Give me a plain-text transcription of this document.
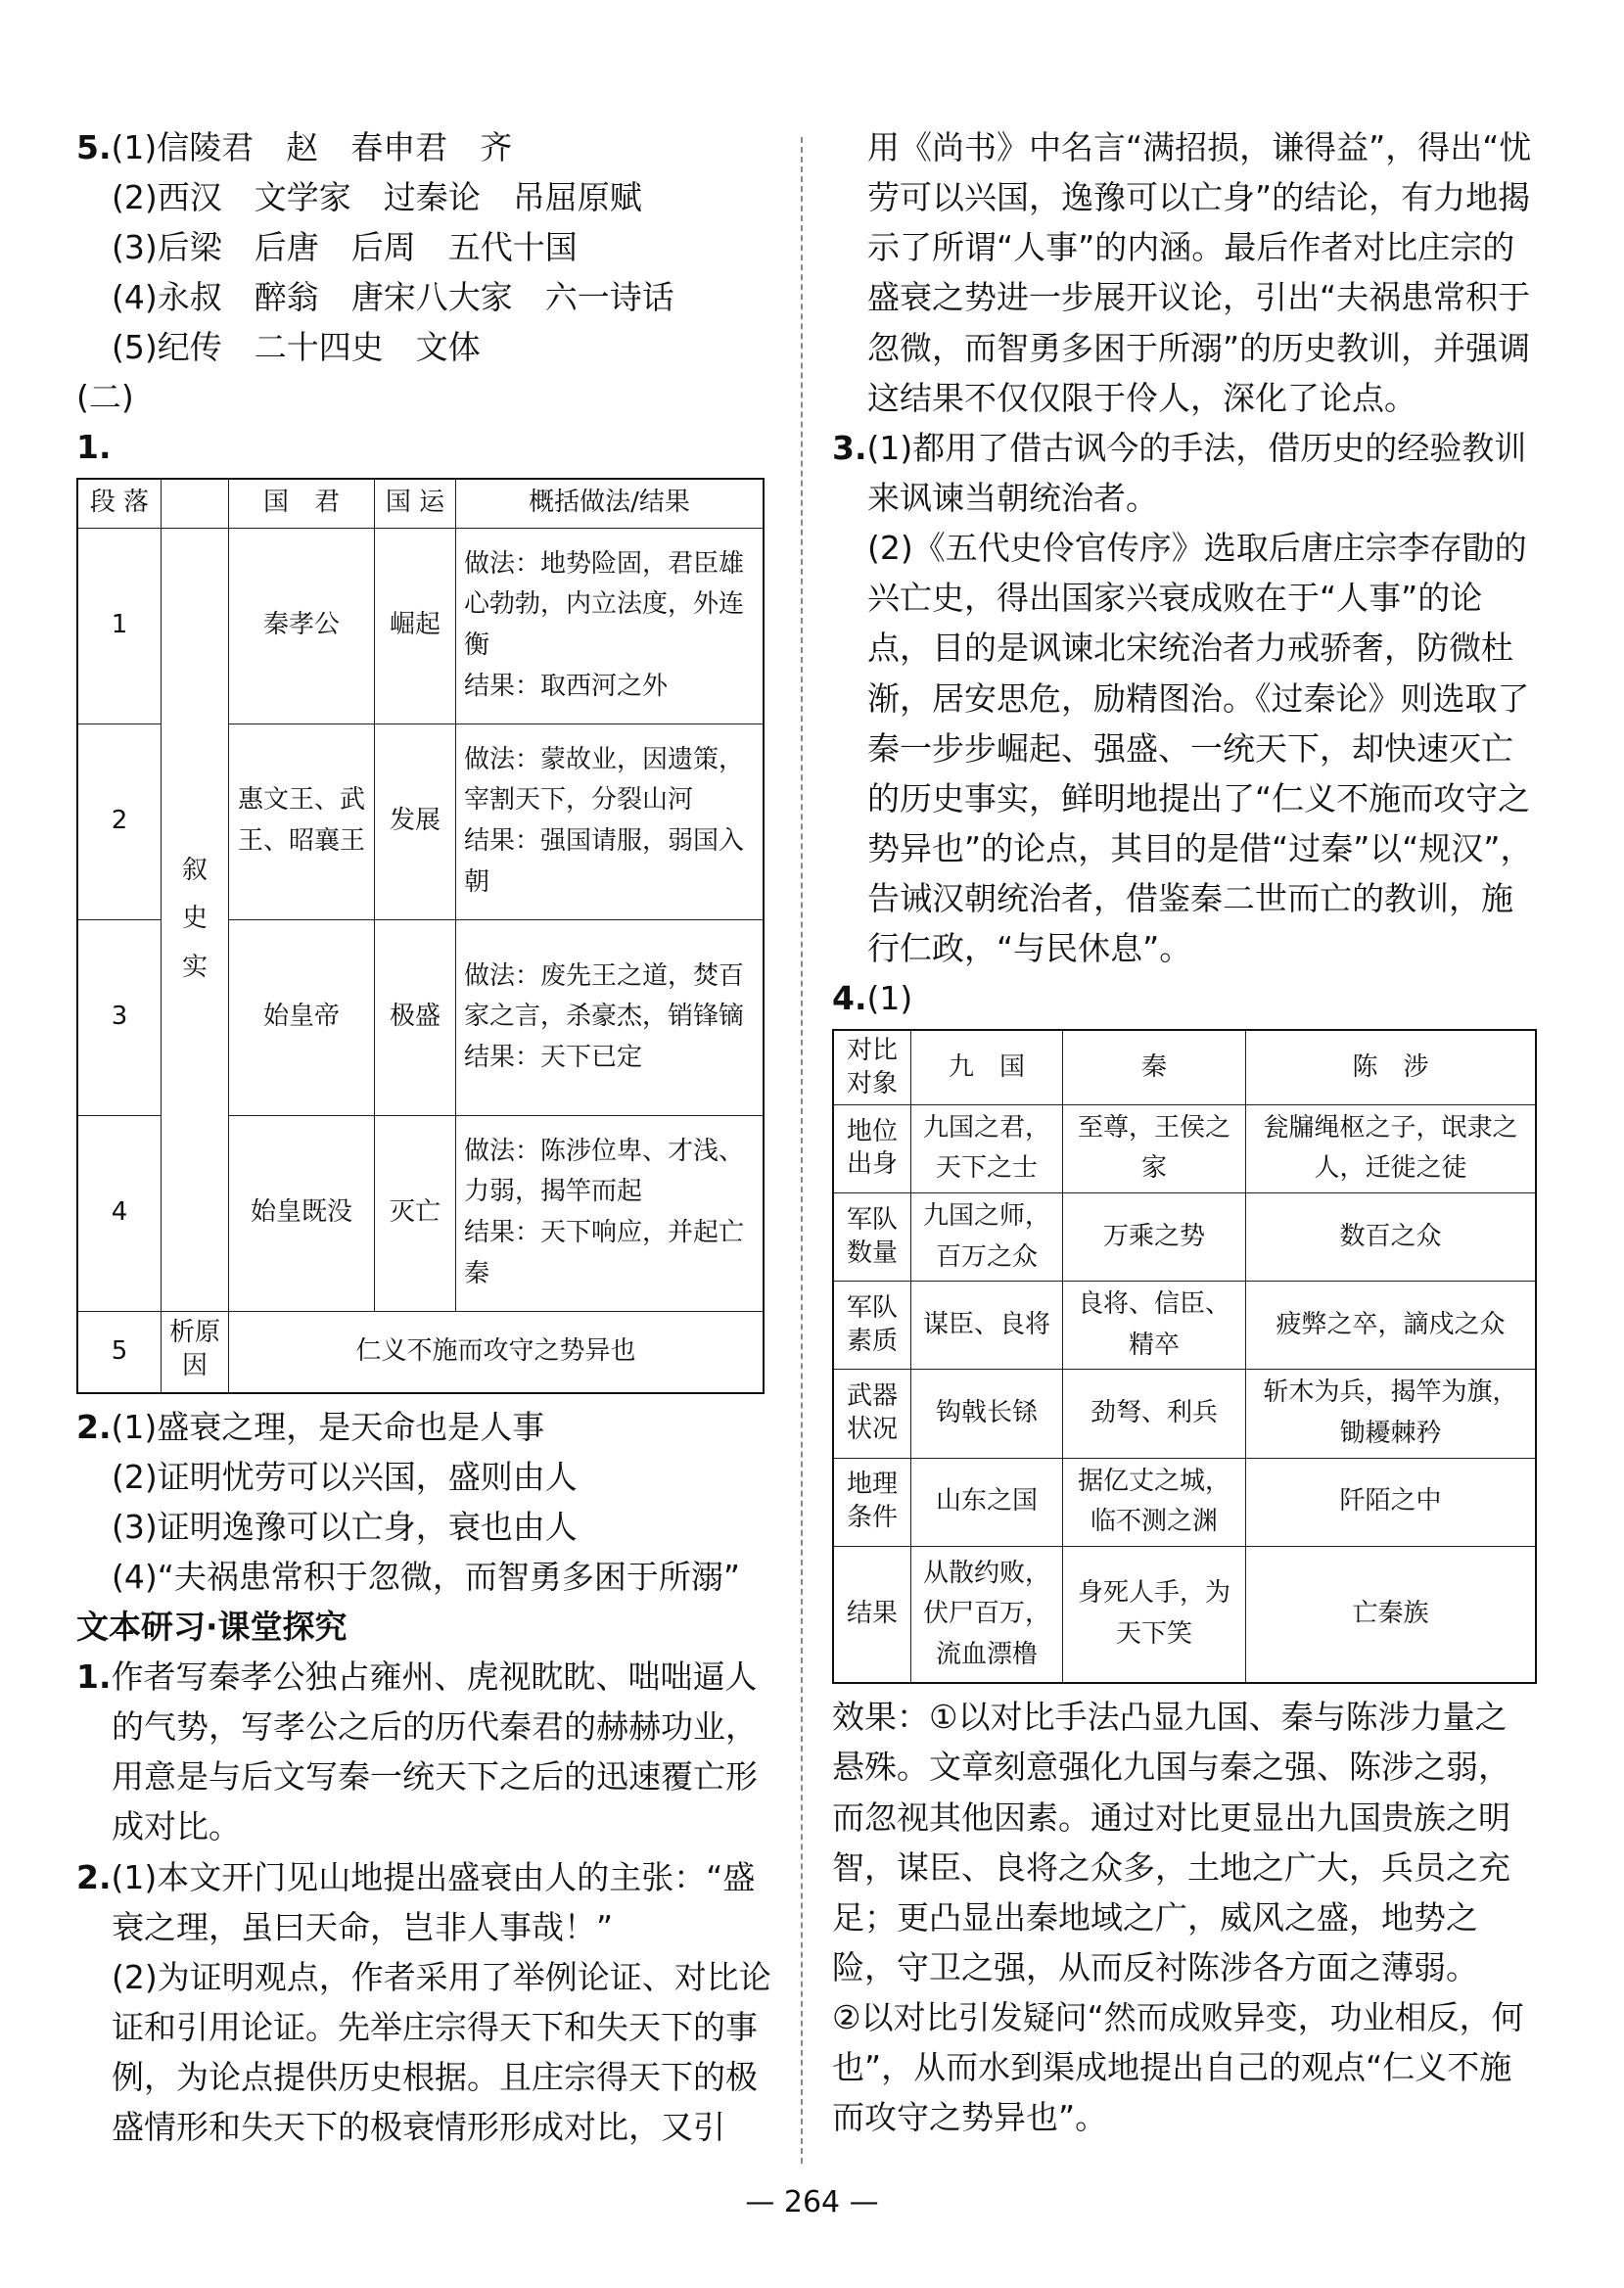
5.(1)信陵君　赵　春申君　齐
(2)西汉　文学家　过秦论　吊屈原赋
(3)后梁　后唐　后周　五代十国
(4)永叔　醉翁　唐宋八大家　六一诗话
(5)纪传　二十四史　文体
(二)
1.
段 落		国　君	国 运	概括做法/结果
1	叙史实	秦孝公	崛起	做法：地势险固，君臣雄心勃勃，内立法度，外连衡
结果：取西河之外

2		惠文王、武王、昭襄王	发展	做法：蒙故业，因遗策，宰割天下，分裂山河
结果：强国请服，弱国入朝

3		始皇帝	极盛	做法：废先王之道，焚百家之言，杀豪杰，销锋镝
结果：天下已定

4		始皇既没	灭亡	做法：陈涉位卑、才浅、力弱，揭竿而起
结果：天下响应，并起亡秦

5	析原因	仁义不施而攻守之势异也		
2.(1)盛衰之理，是天命也是人事
(2)证明忧劳可以兴国，盛则由人
(3)证明逸豫可以亡身，衰也由人
(4)“夫祸患常积于忽微，而智勇多困于所溺”
文本研习·课堂探究

1.作者写秦孝公独占雍州、虎视眈眈、咄咄逼人的气势，写孝公之后的历代秦君的赫赫功业，用意是与后文写秦一统天下之后的迅速覆亡形成对比。

2.(1)本文开门见山地提出盛衰由人的主张：“盛衰之理，虽曰天命，岂非人事哉！”

(2)为证明观点，作者采用了举例论证、对比论证和引用论证。先举庄宗得天下和失天下的事例，为论点提供历史根据。且庄宗得天下的极盛情形和失天下的极衰情形形成对比，又引

用《尚书》中名言“满招损，谦得益”，得出“忧劳可以兴国，逸豫可以亡身”的结论，有力地揭示了所谓“人事”的内涵。最后作者对比庄宗的盛衰之势进一步展开议论，引出“夫祸患常积于忽微，而智勇多困于所溺”的历史教训，并强调这结果不仅仅限于伶人，深化了论点。

3.(1)都用了借古讽今的手法，借历史的经验教训来讽谏当朝统治者。

(2)《五代史伶官传序》选取后唐庄宗李存勖的兴亡史，得出国家兴衰成败在于“人事”的论点，目的是讽谏北宋统治者力戒骄奢，防微杜渐，居安思危，励精图治。《过秦论》则选取了秦一步步崛起、强盛、一统天下，却快速灭亡的历史事实，鲜明地提出了“仁义不施而攻守之势异也”的论点，其目的是借“过秦”以“规汉”，告诫汉朝统治者，借鉴秦二世而亡的教训，施行仁政，“与民休息”。

4.(1)
对比对象	九　国	秦	陈　涉
地位出身	九国之君，天下之士	至尊，王侯之家	瓮牖绳枢之子，氓隶之人，迁徙之徒
军队数量	九国之师，百万之众	万乘之势	数百之众
军队素质	谋臣、良将	良将、信臣、精卒	疲弊之卒，謫戍之众
武器状况	钩戟长铩	劲弩、利兵	斩木为兵，揭竿为旗，锄耰棘矜
地理条件	山东之国	据亿丈之城，临不测之渊	阡陌之中
结果	从散约败，伏尸百万，流血漂橹	身死人手，为天下笑	亡秦族

效果：①以对比手法凸显九国、秦与陈涉力量之悬殊。文章刻意强化九国与秦之强、陈涉之弱，而忽视其他因素。通过对比更显出九国贵族之明智，谋臣、良将之众多，土地之广大，兵员之充足；更凸显出秦地域之广，威风之盛，地势之险，守卫之强，从而反衬陈涉各方面之薄弱。

②以对比引发疑问“然而成败异变，功业相反，何也”，从而水到渠成地提出自己的观点“仁义不施而攻守之势异也”。

— 264 —
